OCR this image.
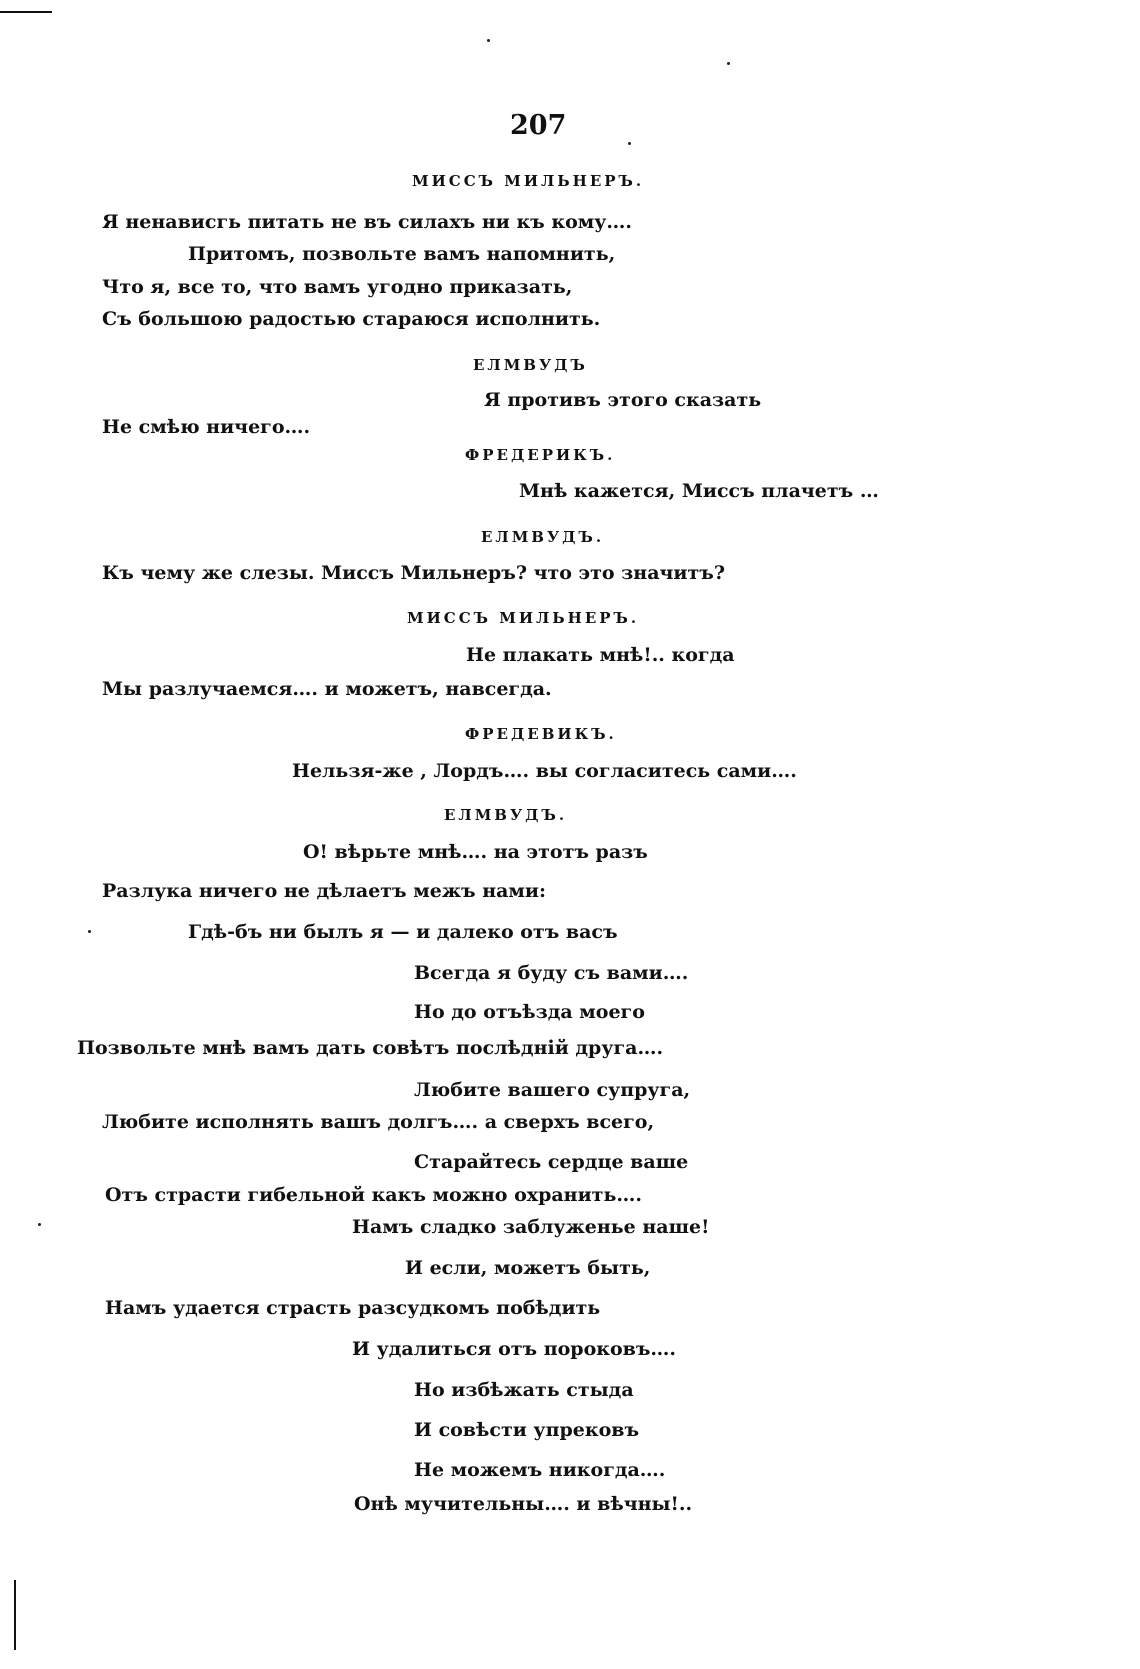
207
МИССЪ МИЛЬНЕРЪ.
Я ненависгь питать не въ силахъ ни къ кому….
Притомъ, позвольте вамъ напомнить,
Что я, все то, что вамъ угодно приказать,
Съ большою радостью стараюся исполнить.
ЕЛМВУДЪ
Я противъ этого сказать
Не смѣю ничего….
ФРЕДЕРИКЪ.
Мнѣ кажется, Миссъ плачетъ …
ЕЛМВУДЪ.
Къ чему же слезы. Миссъ Мильнеръ? что это значитъ?
МИССЪ МИЛЬНЕРЪ.
Не плакать мнѣ!.. когда
Мы разлучаемся…. и можетъ, навсегда.
ФРЕДЕВИКЪ.
Нельзя-же , Лордъ…. вы согласитесь сами….
ЕЛМВУДЪ.
О! вѣрьте мнѣ…. на этотъ разъ
Разлука ничего не дѣлаетъ межъ нами:
Гдѣ-бъ ни былъ я — и далеко отъ васъ
Всегда я буду съ вами….
Но до отъѣзда моего
Позвольте мнѣ вамъ дать совѣтъ послѣдній друга….
Любите вашего супруга,
Любите исполнять вашъ долгъ…. а сверхъ всего,
Старайтесь сердце ваше
Отъ страсти гибельной какъ можно охранить….
Намъ сладко заблуженье наше!
И если, можетъ быть,
Намъ удается страсть разсудкомъ побѣдить
И удалиться отъ пороковъ….
Но избѣжать стыда
И совѣсти упрековъ
Не можемъ никогда….
Онѣ мучительны…. и вѣчны!..
